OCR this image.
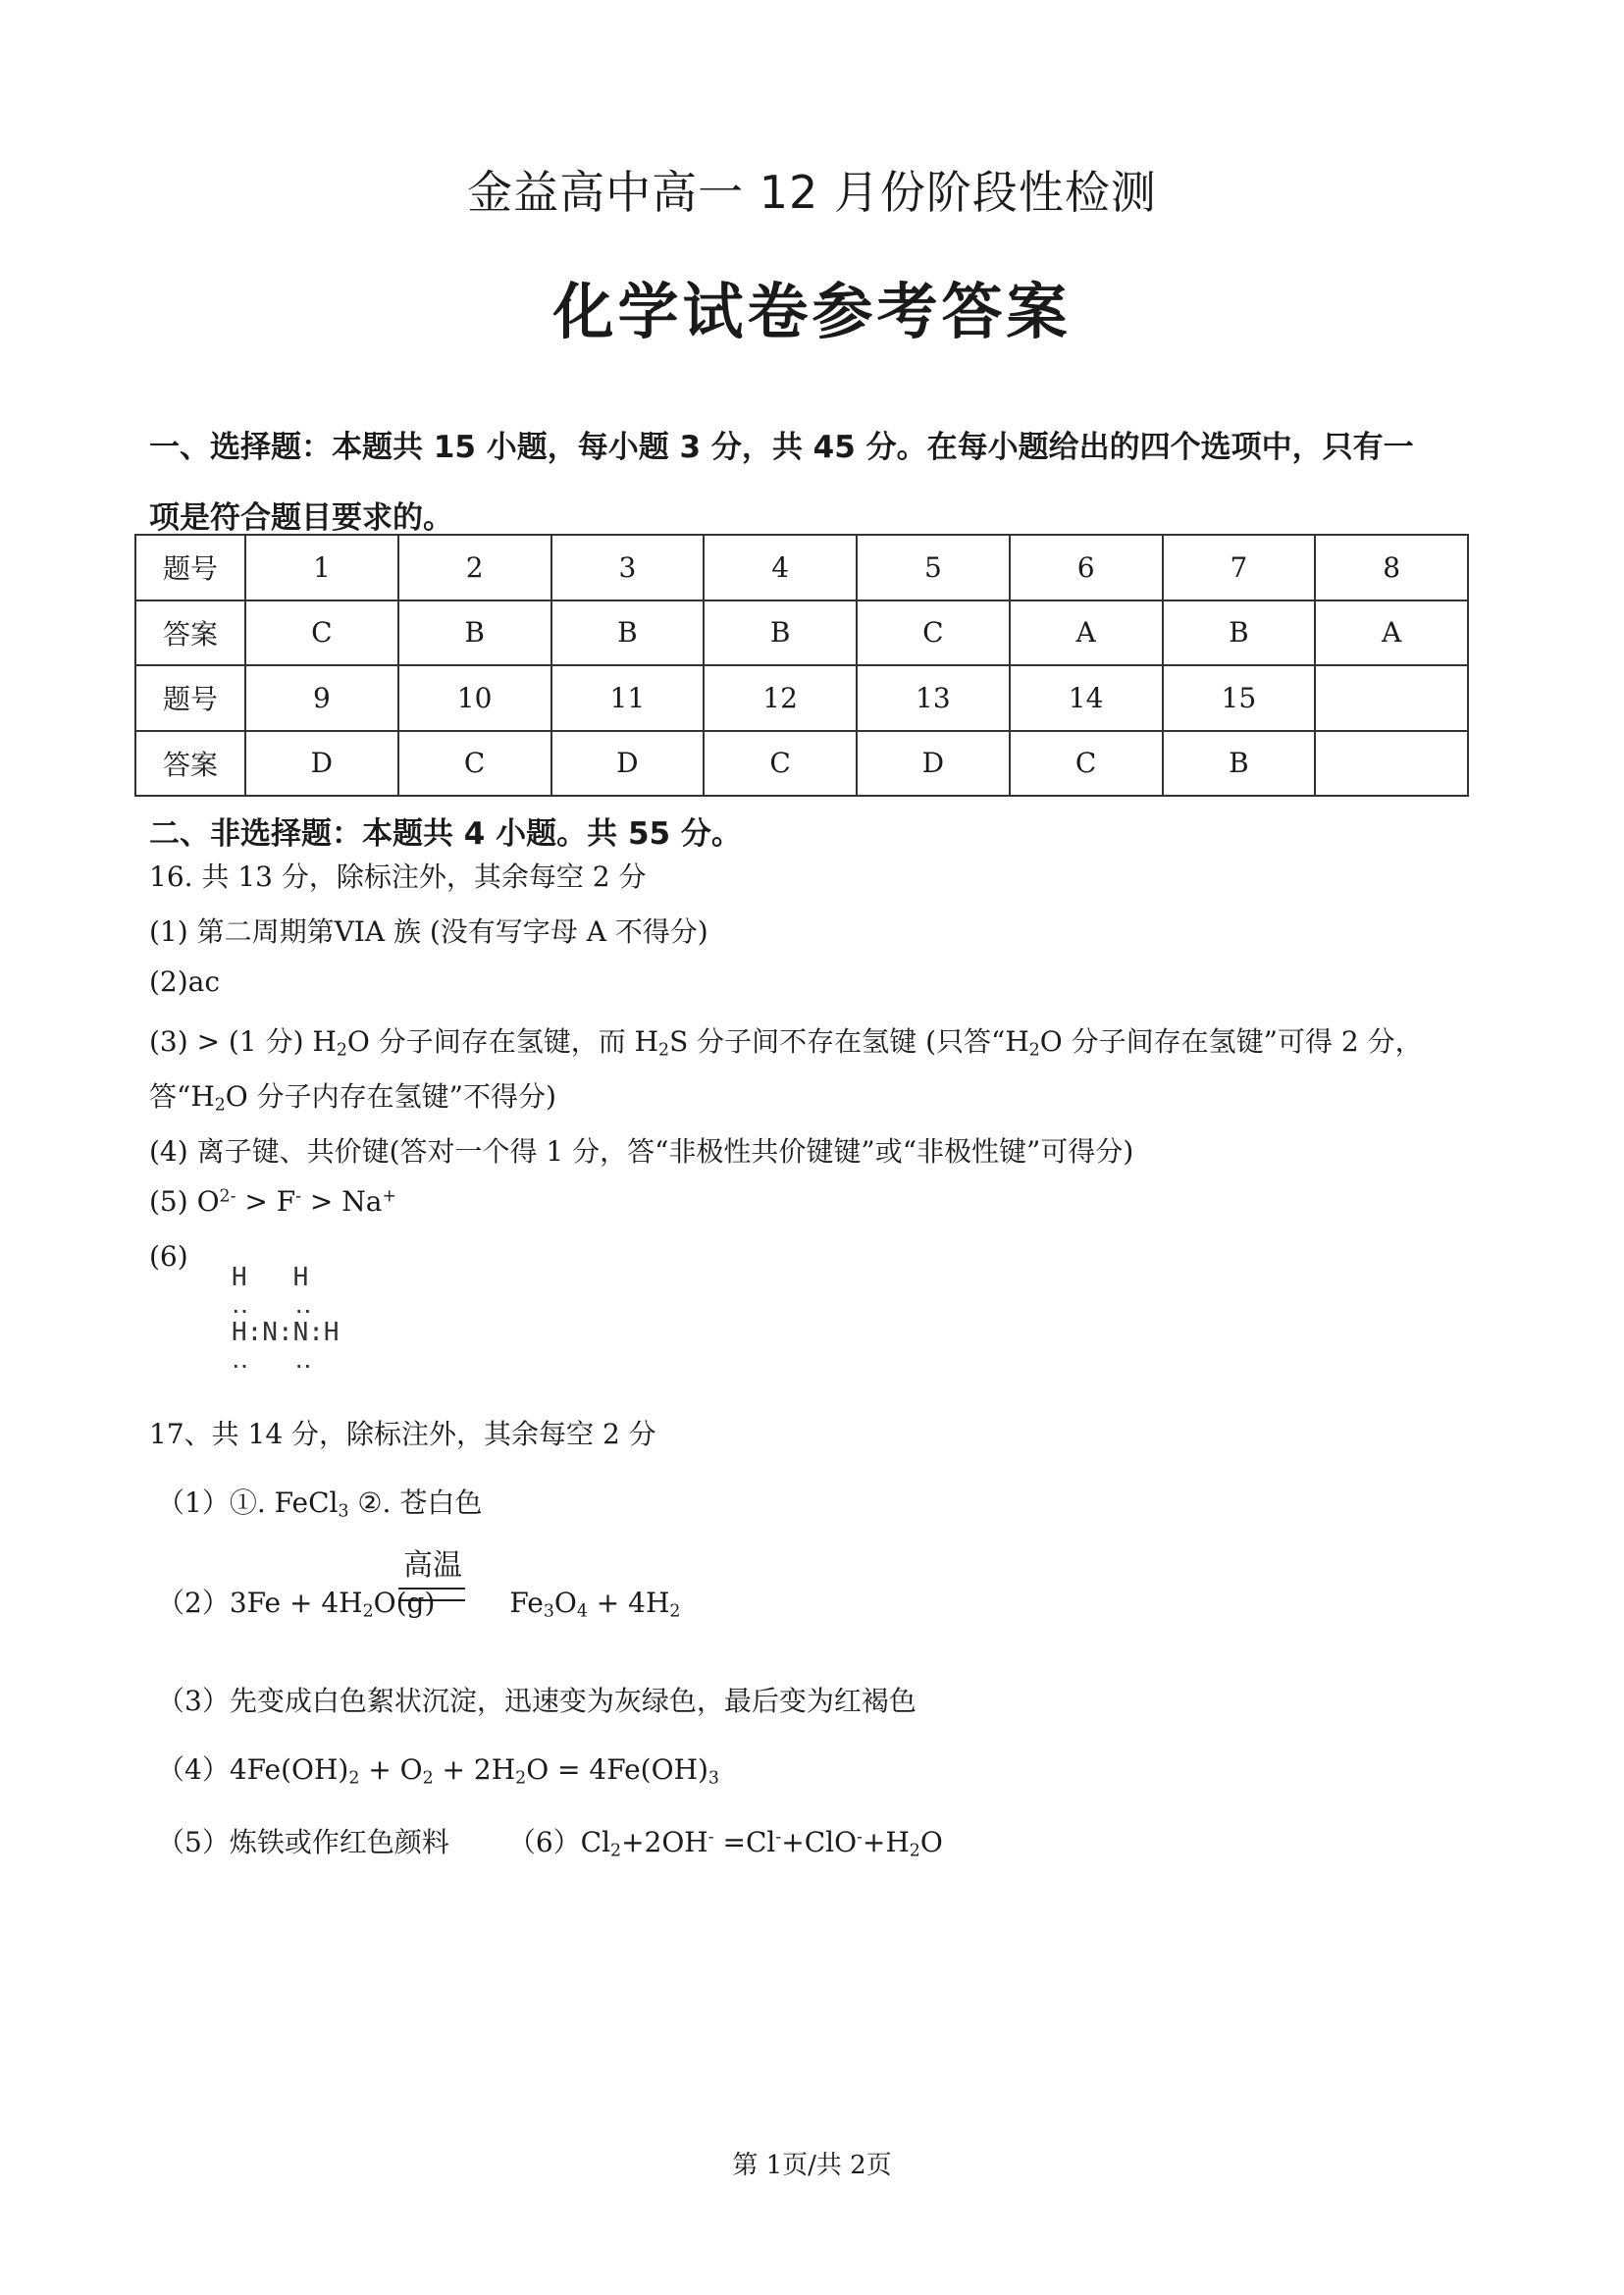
金益高中高一 12 月份阶段性检测
化学试卷参考答案
一、选择题：本题共 15 小题，每小题 3 分，共 45 分。在每小题给出的四个选项中，只有一
项是符合题目要求的。
题号	1	2	3	4	5	6	7	8
答案	C	B	B	B	C	A	B	A
题号	9	10	11	12	13	14	15	
答案	D	C	D	C	D	C	B	
二、非选择题：本题共 4 小题。共 55 分。
16. 共 13 分，除标注外，其余每空 2 分
(1) 第二周期第VIA 族 (没有写字母 A 不得分)
(2)ac
(3) > (1 分) $H_2O$ 分子间存在氢键，而 $H_2S$ 分子间不存在氢键 (只答“$H_2O$ 分子间存在氢键”可得 2 分，
答“$H_2O$ 分子内存在氢键”不得分)
(4) 离子键、共价键(答对一个得 1 分，答“非极性共价键键”或“非极性键”可得分)
(5) $O^{2-} > F^- > Na^+$
(6)
H   H
‥   ‥
H:N:N:H
‥   ‥
17、共 14 分，除标注外，其余每空 2 分
（1）①. FeCl$_3$ ②. 苍白色
高温
$(2)3Fe + 4H_2O(g)$	$Fe_3O_4 + 4H_2$
（3）先变成白色絮状沉淀，迅速变为灰绿色，最后变为红褐色
$(4)4Fe(OH)_2 + O_2 + 2H_2O = 4Fe(OH)_3$
（5）炼铁或作红色颜料 $(6)Cl_2+2OH^- =Cl^-+ClO^-+H_2O$
第 1页/共 2页
